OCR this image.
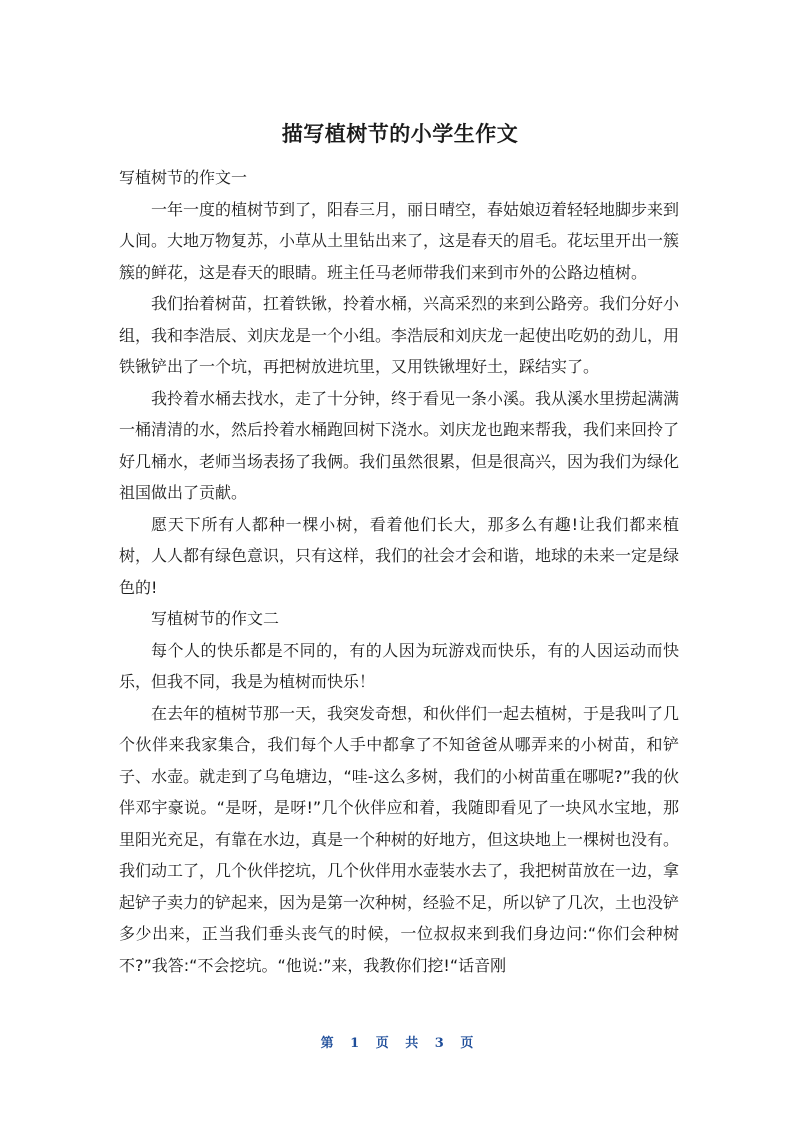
描写植树节的小学生作文

写植树节的作文一

一年一度的植树节到了，阳春三月，丽日晴空，春姑娘迈着轻轻地脚步来到人间。大地万物复苏，小草从土里钻出来了，这是春天的眉毛。花坛里开出一簇簇的鲜花，这是春天的眼睛。班主任马老师带我们来到市外的公路边植树。

我们抬着树苗，扛着铁锹，拎着水桶，兴高采烈的来到公路旁。我们分好小组，我和李浩辰、刘庆龙是一个小组。李浩辰和刘庆龙一起使出吃奶的劲儿，用铁锹铲出了一个坑，再把树放进坑里，又用铁锹埋好土，踩结实了。

我拎着水桶去找水，走了十分钟，终于看见一条小溪。我从溪水里捞起满满一桶清清的水，然后拎着水桶跑回树下浇水。刘庆龙也跑来帮我，我们来回拎了好几桶水，老师当场表扬了我俩。我们虽然很累，但是很高兴，因为我们为绿化祖国做出了贡献。

愿天下所有人都种一棵小树，看着他们长大，那多么有趣!让我们都来植树，人人都有绿色意识，只有这样，我们的社会才会和谐，地球的未来一定是绿色的!

写植树节的作文二

每个人的快乐都是不同的，有的人因为玩游戏而快乐，有的人因运动而快乐，但我不同，我是为植树而快乐！

在去年的植树节那一天，我突发奇想，和伙伴们一起去植树，于是我叫了几个伙伴来我家集合，我们每个人手中都拿了不知爸爸从哪弄来的小树苗，和铲子、水壶。就走到了乌龟塘边，“哇-这么多树，我们的小树苗重在哪呢?”我的伙伴邓宇豪说。“是呀，是呀!”几个伙伴应和着，我随即看见了一块风水宝地，那里阳光充足，有靠在水边，真是一个种树的好地方，但这块地上一棵树也没有。我们动工了，几个伙伴挖坑，几个伙伴用水壶装水去了，我把树苗放在一边，拿起铲子卖力的铲起来，因为是第一次种树，经验不足，所以铲了几次，土也没铲多少出来，正当我们垂头丧气的时候，一位叔叔来到我们身边问:“你们会种树不?”我答:“不会挖坑。“他说:”来，我教你们挖!“话音刚

第 1 页 共 3 页
